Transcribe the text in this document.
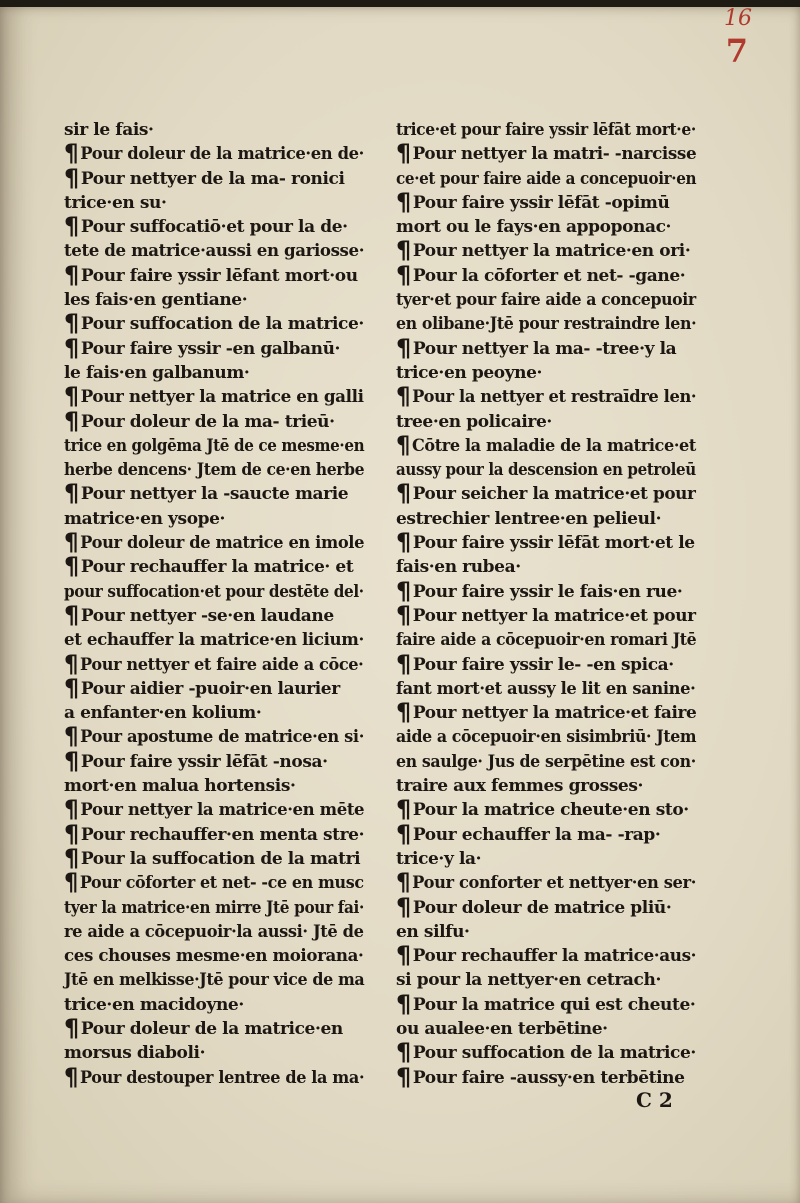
16
7
sir le fais·
¶ Pour doleur de la matrice·en de·
¶ Pour nettyer de la ma- ronici
trice·en su·
¶ Pour suffocatiō·et pour la de·
tete de matrice·aussi en gariosse·
¶ Pour faire yssir lēfant mort·ou
les fais·en gentiane·
¶ Pour suffocation de la matrice·
¶ Pour faire yssir -en galbanū·
le fais·en galbanum·
¶ Pour nettyer la matrice en galli
¶ Pour doleur de la ma- trieū·
trice en golgēma Jtē de ce mesme·en
herbe dencens· Jtem de ce·en herbe
¶ Pour nettyer la -saucte marie
matrice·en ysope·
¶ Pour doleur de matrice en imole
¶ Pour rechauffer la matrice· et
pour suffocation·et pour destēte del·
¶ Pour nettyer -se·en laudane
et echauffer la matrice·en licium·
¶ Pour nettyer et faire aide a cōce·
¶ Pour aidier -puoir·en laurier
a enfanter·en kolium·
¶ Pour apostume de matrice·en si·
¶ Pour faire yssir lēfāt -nosa·
mort·en malua hortensis·
¶ Pour nettyer la matrice·en mēte
¶ Pour rechauffer·en menta stre·
¶ Pour la suffocation de la matri
¶ Pour cōforter et net- -ce en musc
tyer la matrice·en mirre Jtē pour fai·
re aide a cōcepuoir·la aussi· Jtē de
ces chouses mesme·en moiorana·
Jtē en melkisse·Jtē pour vice de ma
trice·en macidoyne·
¶ Pour doleur de la matrice·en
morsus diaboli·
¶ Pour destouper lentree de la ma·
trice·et pour faire yssir lēfāt mort·e·
¶ Pour nettyer la matri- -narcisse
ce·et pour faire aide a concepuoir·en
¶ Pour faire yssir lēfāt -opimū
mort ou le fays·en appoponac·
¶ Pour nettyer la matrice·en ori·
¶ Pour la cōforter et net- -gane·
tyer·et pour faire aide a concepuoir
en olibane·Jtē pour restraindre len·
¶ Pour nettyer la ma- -tree·y la
trice·en peoyne·
¶ Pour la nettyer et restraīdre len·
tree·en policaire·
¶ Cōtre la maladie de la matrice·et
aussy pour la descension en petroleū
¶ Pour seicher la matrice·et pour
estrechier lentree·en pelieul·
¶ Pour faire yssir lēfāt mort·et le
fais·en rubea·
¶ Pour faire yssir le fais·en rue·
¶ Pour nettyer la matrice·et pour
faire aide a cōcepuoir·en romari Jtē
¶ Pour faire yssir le- -en spica·
fant mort·et aussy le lit en sanine·
¶ Pour nettyer la matrice·et faire
aide a cōcepuoir·en sisimbriū· Jtem
en saulge· Jus de serpētine est con·
traire aux femmes grosses·
¶ Pour la matrice cheute·en sto·
¶ Pour echauffer la ma- -rap·
trice·y la·
¶ Pour conforter et nettyer·en ser·
¶ Pour doleur de matrice pliū·
en silfu·
¶ Pour rechauffer la matrice·aus·
si pour la nettyer·en cetrach·
¶ Pour la matrice qui est cheute·
ou aualee·en terbētine·
¶ Pour suffocation de la matrice·
¶ Pour faire -aussy·en terbētine
C 2
